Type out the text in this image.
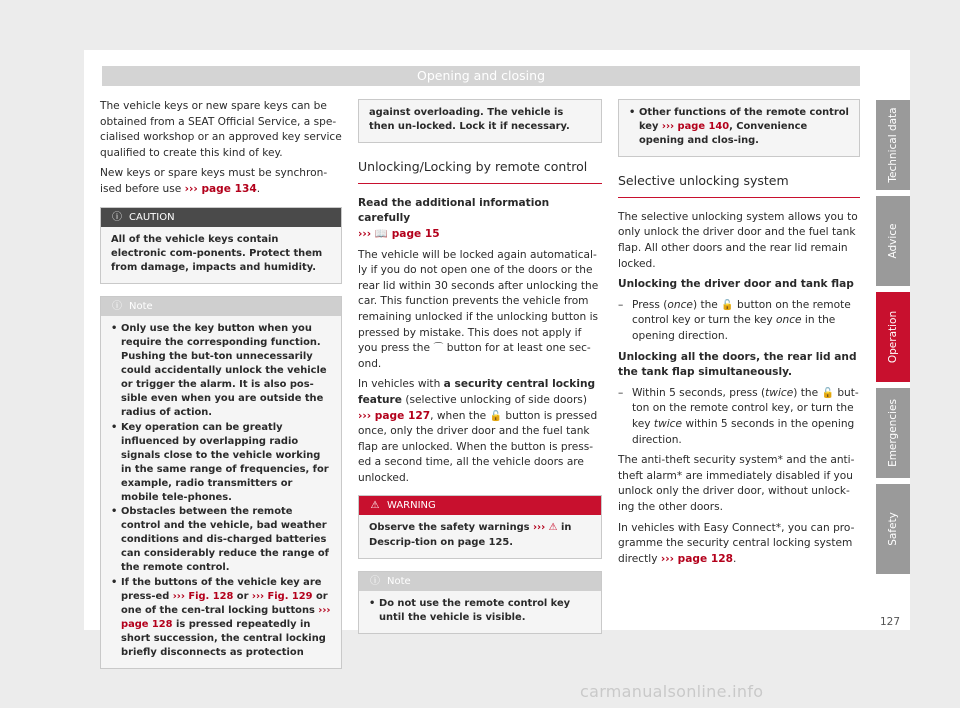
Opening and closing

The vehicle keys or new spare keys can be obtained from a SEAT Official Service, a spe-cialised workshop or an approved key service qualified to create this kind of key.

New keys or spare keys must be synchron-ised before use ››› page 134.

ⓘ CAUTION

All of the vehicle keys contain electronic com-ponents. Protect them from damage, impacts and humidity.

ⓘ Note

• Only use the key button when you require the corresponding function. Pushing the but-ton unnecessarily could accidentally unlock the vehicle or trigger the alarm. It is also pos-sible even when you are outside the radius of action.

• Key operation can be greatly influenced by overlapping radio signals close to the vehicle working in the same range of frequencies, for example, radio transmitters or mobile tele-phones.

• Obstacles between the remote control and the vehicle, bad weather conditions and dis-charged batteries can considerably reduce the range of the remote control.

• If the buttons of the vehicle key are press-ed ››› Fig. 128 or ››› Fig. 129 or one of the cen-tral locking buttons ››› page 128 is pressed repeatedly in short succession, the central locking briefly disconnects as protection

against overloading. The vehicle is then un-locked. Lock it if necessary.

Unlocking/Locking by remote control

Read the additional information carefully
››› 📖 page 15

The vehicle will be locked again automatical-ly if you do not open one of the doors or the rear lid within 30 seconds after unlocking the car. This function prevents the vehicle from remaining unlocked if the unlocking button is pressed by mistake. This does not apply if you press the ⌒ button for at least one sec-ond.

In vehicles with a security central locking feature (selective unlocking of side doors) ››› page 127, when the 🔓 button is pressed once, only the driver door and the fuel tank flap are unlocked. When the button is press-ed a second time, all the vehicle doors are unlocked.

⚠ WARNING

Observe the safety warnings ››› ⚠ in Descrip-tion on page 125.

ⓘ Note

• Do not use the remote control key until the vehicle is visible.

• Other functions of the remote control key ››› page 140, Convenience opening and clos-ing.

Selective unlocking system

The selective unlocking system allows you to only unlock the driver door and the fuel tank flap. All other doors and the rear lid remain locked.

Unlocking the driver door and tank flap

– Press (once) the 🔓 button on the remote control key or turn the key once in the opening direction.

Unlocking all the doors, the rear lid and the tank flap simultaneously.

– Within 5 seconds, press (twice) the 🔓 but-ton on the remote control key, or turn the key twice within 5 seconds in the opening direction.

The anti-theft security system* and the anti-theft alarm* are immediately disabled if you unlock only the driver door, without unlock-ing the other doors.

In vehicles with Easy Connect*, you can pro-gramme the security central locking system directly ››› page 128.

Technical data
Advice
Operation
Emergencies
Safety
127
carmanualsonline.info
